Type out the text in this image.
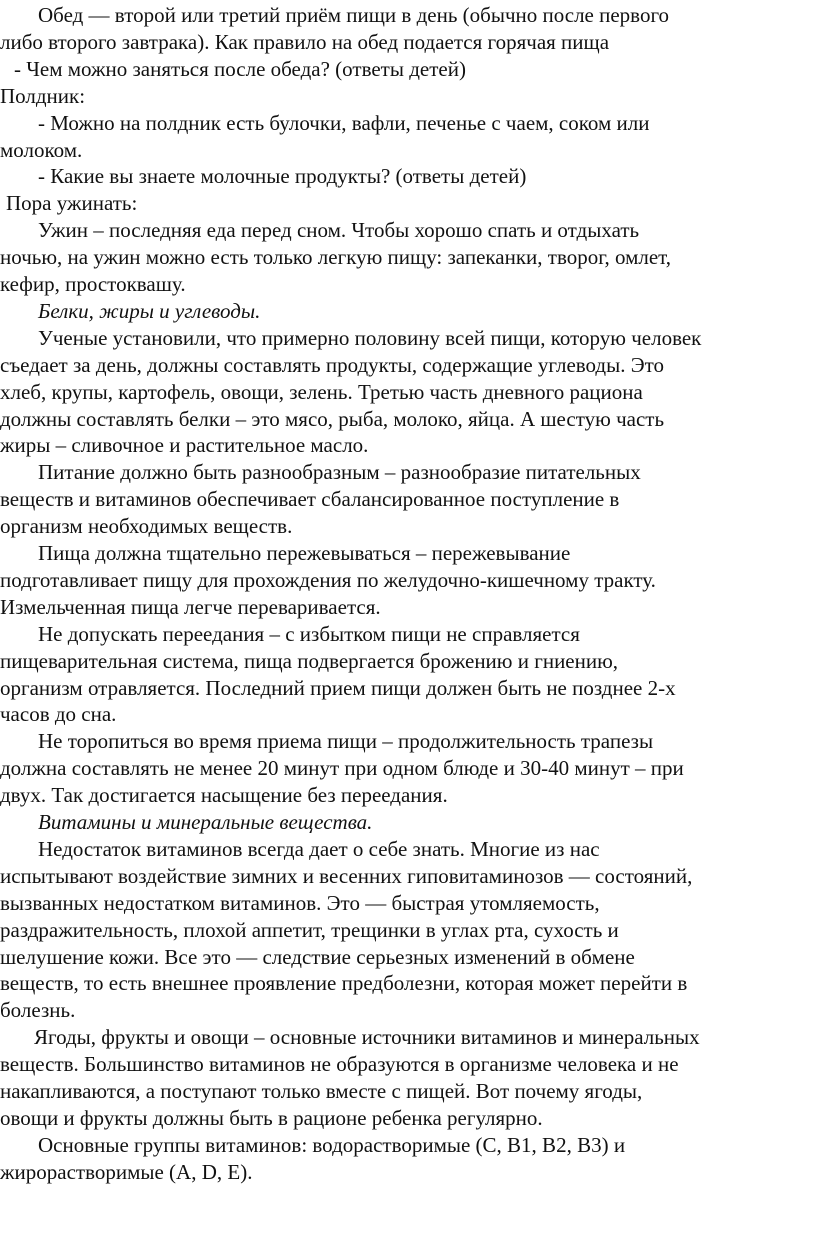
Обед — второй или третий приём пищи в день (обычно после первого
либо второго завтрака). Как правило на обед подается горячая пища
- Чем можно заняться после обеда? (ответы детей)
Полдник:
- Можно на полдник есть булочки, вафли, печенье с чаем, соком или
молоком.
- Какие вы знаете молочные продукты? (ответы детей)
Пора ужинать:
Ужин – последняя еда перед сном. Чтобы хорошо спать и отдыхать
ночью, на ужин можно есть только легкую пищу: запеканки, творог, омлет,
кефир, простоквашу.
Белки, жиры и углеводы.
Ученые установили, что примерно половину всей пищи, которую человек
съедает за день, должны составлять продукты, содержащие углеводы. Это
хлеб, крупы, картофель, овощи, зелень. Третью часть дневного рациона
должны составлять белки – это мясо, рыба, молоко, яйца. А шестую часть
жиры – сливочное и растительное масло.
Питание должно быть разнообразным – разнообразие питательных
веществ и витаминов обеспечивает сбалансированное поступление в
организм необходимых веществ.
Пища должна тщательно пережевываться – пережевывание
подготавливает пищу для прохождения по желудочно-кишечному тракту.
Измельченная пища легче переваривается.
Не допускать переедания – с избытком пищи не справляется
пищеварительная система, пища подвергается брожению и гниению,
организм отравляется. Последний прием пищи должен быть не позднее 2-х
часов до сна.
Не торопиться во время приема пищи – продолжительность трапезы
должна составлять не менее 20 минут при одном блюде и 30-40 минут – при
двух. Так достигается насыщение без переедания.
Витамины и минеральные вещества.
Недостаток витаминов всегда дает о себе знать. Многие из нас
испытывают воздействие зимних и весенних гиповитаминозов — состояний,
вызванных недостатком витаминов. Это — быстрая утомляемость,
раздражительность, плохой аппетит, трещинки в углах рта, сухость и
шелушение кожи. Все это — следствие серьезных изменений в обмене
веществ, то есть внешнее проявление предболезни, которая может перейти в
болезнь.
Ягоды, фрукты и овощи – основные источники витаминов и минеральных
веществ. Большинство витаминов не образуются в организме человека и не
накапливаются, а поступают только вместе с пищей. Вот почему ягоды,
овощи и фрукты должны быть в рационе ребенка регулярно.
Основные группы витаминов: водорастворимые (С, В1, В2, В3) и
жирорастворимые (А, D, Е).
